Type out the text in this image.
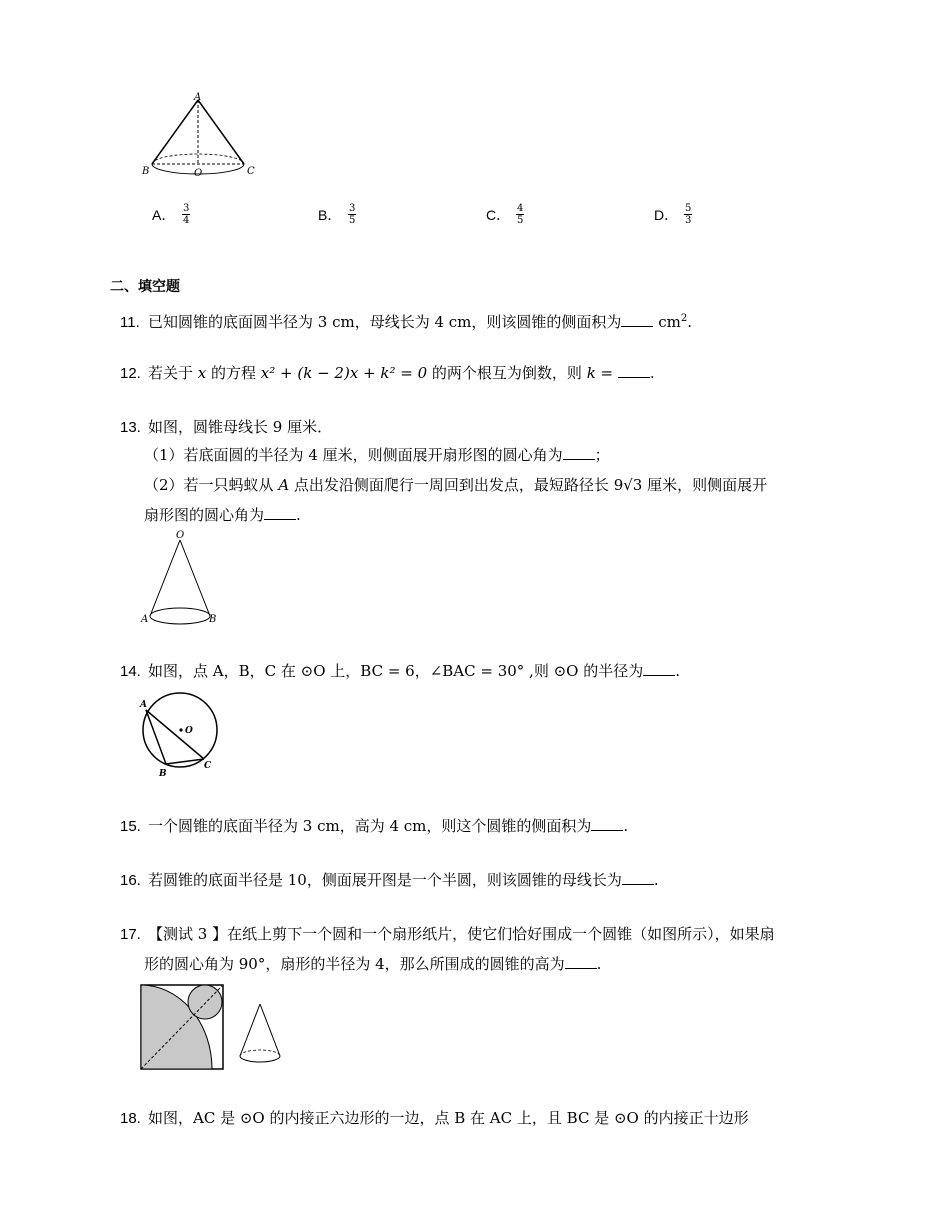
A
B	O	C
A． $\frac{3}{4}$	B． $\frac{3}{5}$	C． $\frac{4}{5}$	D． $\frac{5}{3}$
二、填空题
11. 已知圆锥的底面圆半径为 3 cm，母线长为 4 cm，则该圆锥的侧面积为 $cm^2$.
12. 若关于 x 的方程 x² + (k − 2)x + k² = 0 的两个根互为倒数，则 k = .
13. 如图，圆锥母线长 9 厘米．
（1）若底面圆的半径为 4 厘米，则侧面展开扇形图的圆心角为 ；
（2）若一只蚂蚁从 A 点出发沿侧面爬行一周回到出发点，最短路径长 9√3 厘米，则侧面展开
扇形图的圆心角为 .
O
A	B
14. 如图，点 A，B，C 在 ⊙O 上，BC = 6，∠BAC = 30° ,则 ⊙O 的半径为 .
A
O
B
C
15. 一个圆锥的底面半径为 3 cm，高为 4 cm，则这个圆锥的侧面积为 .
16. 若圆锥的底面半径是 10，侧面展开图是一个半圆，则该圆锥的母线长为 .
17. 【测试 3 】在纸上剪下一个圆和一个扇形纸片，使它们恰好围成一个圆锥（如图所示），如果扇
形的圆心角为 90°，扇形的半径为 4，那么所围成的圆锥的高为 .
18. 如图，AC 是 ⊙O 的内接正六边形的一边，点 B 在 AC 上，且 BC 是 ⊙O 的内接正十边形
